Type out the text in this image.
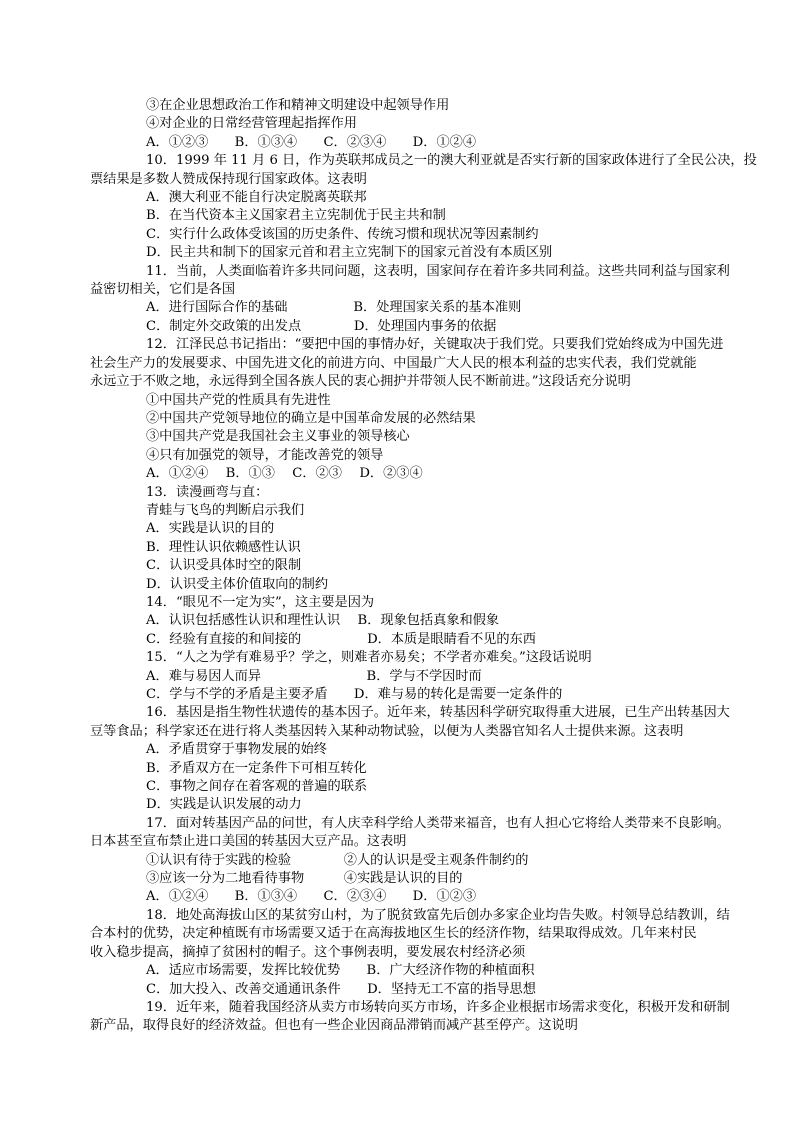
③在企业思想政治工作和精神文明建设中起领导作用

④对企业的日常经营管理起指挥作用

A．①②③　　B．①③④　　C．②③④　　D．①②④

10．1999 年 11 月 6 日，作为英联邦成员之一的澳大利亚就是否实行新的国家政体进行了全民公决，投

票结果是多数人赞成保持现行国家政体。这表明

A．澳大利亚不能自行决定脱离英联邦

B．在当代资本主义国家君主立宪制优于民主共和制

C．实行什么政体受该国的历史条件、传统习惯和现状况等因素制约

D．民主共和制下的国家元首和君主立宪制下的国家元首没有本质区别

11．当前，人类面临着许多共同问题，这表明，国家间存在着许多共同利益。这些共同利益与国家利

益密切相关，它们是各国

A．进行国际合作的基础　　　　　B．处理国家关系的基本准则

C．制定外交政策的出发点　　　　D．处理国内事务的依据

12．江泽民总书记指出：“要把中国的事情办好，关键取决于我们党。只要我们党始终成为中国先进

社会生产力的发展要求、中国先进文化的前进方向、中国最广大人民的根本利益的忠实代表，我们党就能

永远立于不败之地，永远得到全国各族人民的衷心拥护并带领人民不断前进。”这段话充分说明

①中国共产党的性质具有先进性

②中国共产党领导地位的确立是中国革命发展的必然结果

③中国共产党是我国社会主义事业的领导核心

④只有加强党的领导，才能改善党的领导

A．①②④　 B．①③　 C．②③　 D．②③④

13．读漫画弯与直：

青蛙与飞鸟的判断启示我们

A．实践是认识的目的

B．理性认识依赖感性认识

C．认识受具体时空的限制

D．认识受主体价值取向的制约

14．“眼见不一定为实”，这主要是因为

A．认识包括感性认识和理性认识　 B．现象包括真象和假象

C．经验有直接的和间接的　　　　　D．本质是眼睛看不见的东西

15．“人之为学有难易乎？学之，则难者亦易矣；不学者亦难矣。”这段话说明

A．难与易因人而异　　　　　　　　B．学与不学因时而

C．学与不学的矛盾是主要矛盾　　D．难与易的转化是需要一定条件的

16．基因是指生物性状遗传的基本因子。近年来，转基因科学研究取得重大进展，已生产出转基因大

豆等食品；科学家还在进行将人类基因转入某种动物试验，以便为人类器官知名人士提供来源。这表明

A．矛盾贯穿于事物发展的始终

B．矛盾双方在一定条件下可相互转化

C．事物之间存在着客观的普遍的联系

D．实践是认识发展的动力

17．面对转基因产品的问世，有人庆幸科学给人类带来福音，也有人担心它将给人类带来不良影响。

日本甚至宣布禁止进口美国的转基因大豆产品。这表明

①认识有待于实践的检验　　　　②人的认识是受主观条件制约的

③应该一分为二地看待事物　　　④实践是认识的目的

A．①②④　　B．①③④　　C．②③④　　D．①②③

18．地处高海拔山区的某贫穷山村，为了脱贫致富先后创办多家企业均告失败。村领导总结教训，结

合本村的优势，决定种植既有市场需要又适于在高海拔地区生长的经济作物，结果取得成效。几年来村民

收入稳步提高，摘掉了贫困村的帽子。这个事例表明，要发展农村经济必须

A．适应市场需要，发挥比较优势　　B．广大经济作物的种植面积

C．加大投入、改善交通通讯条件　　D．坚持无工不富的指导思想

19．近年来，随着我国经济从卖方市场转向买方市场，许多企业根据市场需求变化，积极开发和研制

新产品，取得良好的经济效益。但也有一些企业因商品滞销而减产甚至停产。这说明
